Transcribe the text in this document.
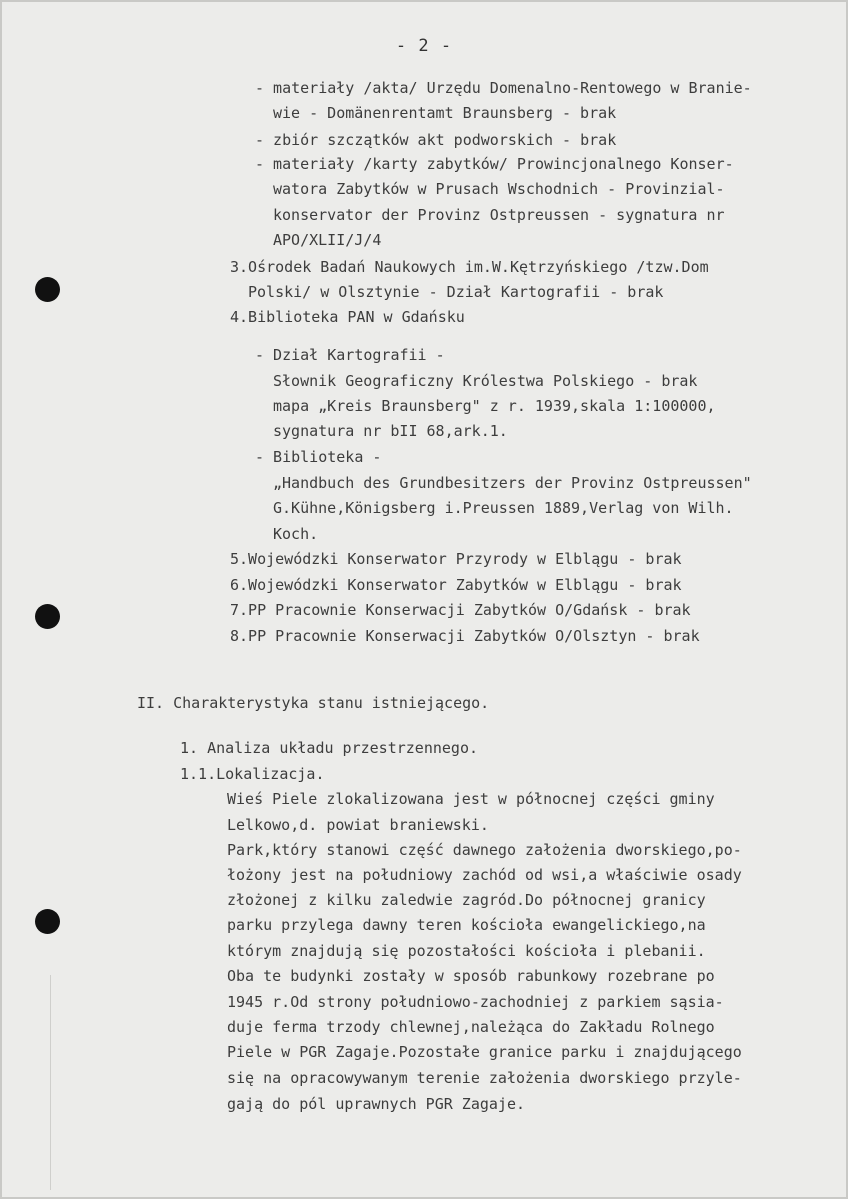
- 2 -
- materiały /akta/ Urzędu Domenalno-Rentowego w Branie-
wie - Domänenrentamt Braunsberg - brak
- zbiór szczątków akt podworskich - brak
- materiały /karty zabytków/ Prowincjonalnego Konser-
watora Zabytków w Prusach Wschodnich - Provinzial-
konservator der Provinz Ostpreussen - sygnatura nr
APO/XLII/J/4
3.Ośrodek Badań Naukowych im.W.Kętrzyńskiego /tzw.Dom
Polski/ w Olsztynie - Dział Kartografii - brak
4.Biblioteka PAN w Gdańsku
- Dział Kartografii -
Słownik Geograficzny Królestwa Polskiego - brak
mapa „Kreis Braunsberg" z r. 1939,skala 1:100000,
sygnatura nr bII 68,ark.1.
- Biblioteka -
„Handbuch des Grundbesitzers der Provinz Ostpreussen"
G.Kühne,Königsberg i.Preussen 1889,Verlag von Wilh.
Koch.
5.Wojewódzki Konserwator Przyrody w Elblągu - brak
6.Wojewódzki Konserwator Zabytków w Elblągu - brak
7.PP Pracownie Konserwacji Zabytków O/Gdańsk - brak
8.PP Pracownie Konserwacji Zabytków O/Olsztyn - brak
II. Charakterystyka stanu istniejącego.
1. Analiza układu przestrzennego.
1.1.Lokalizacja.
Wieś Piele zlokalizowana jest w północnej części gminy
Lelkowo,d. powiat braniewski.
Park,który stanowi część dawnego założenia dworskiego,po-
łożony jest na południowy zachód od wsi,a właściwie osady
złożonej z kilku zaledwie zagród.Do północnej granicy
parku przylega dawny teren kościoła ewangelickiego,na
którym znajdują się pozostałości kościoła i plebanii.
Oba te budynki zostały w sposób rabunkowy rozebrane po
1945 r.Od strony południowo-zachodniej z parkiem sąsia-
duje ferma trzody chlewnej,należąca do Zakładu Rolnego
Piele w PGR Zagaje.Pozostałe granice parku i znajdującego
się na opracowywanym terenie założenia dworskiego przyle-
gają do pól uprawnych PGR Zagaje.
